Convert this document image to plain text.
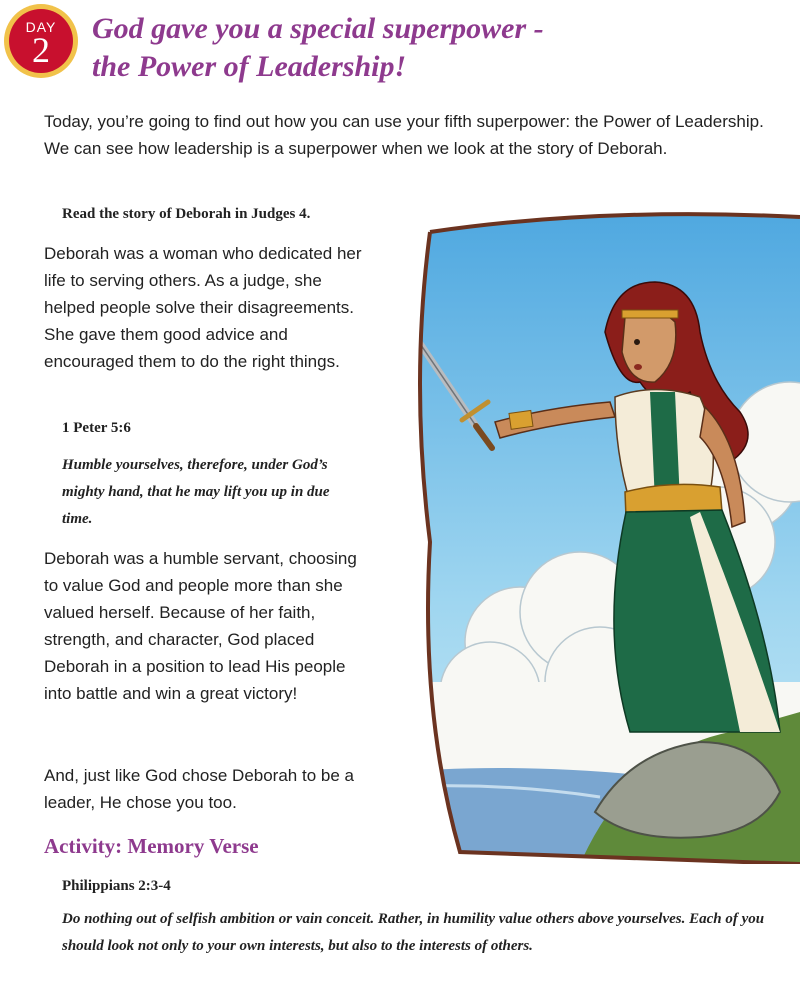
DAY
2
God gave you a special superpower -
the Power of Leadership!

Today, you’re going to find out how you can use your fifth superpower: the Power of Leadership. We can see how leadership is a superpower when we look at the story of Deborah.

Read the story of Deborah in Judges 4.

Deborah was a woman who dedicated her life to serving others. As a judge, she helped people solve their disagreements. She gave them good advice and encouraged them to do the right things.

1 Peter 5:6
Humble yourselves, therefore, under God’s mighty hand, that he may lift you up in due time.

Deborah was a humble servant, choosing to value God and people more than she valued herself. Because of her faith, strength, and character, God placed Deborah in a position to lead His people into battle and win a great victory!

And, just like God chose Deborah to be a leader, He chose you too.

Activity: Memory Verse
Philippians 2:3-4
Do nothing out of selfish ambition or vain conceit. Rather, in humility value others above yourselves. Each of you should look not only to your own interests, but also to the interests of others.
